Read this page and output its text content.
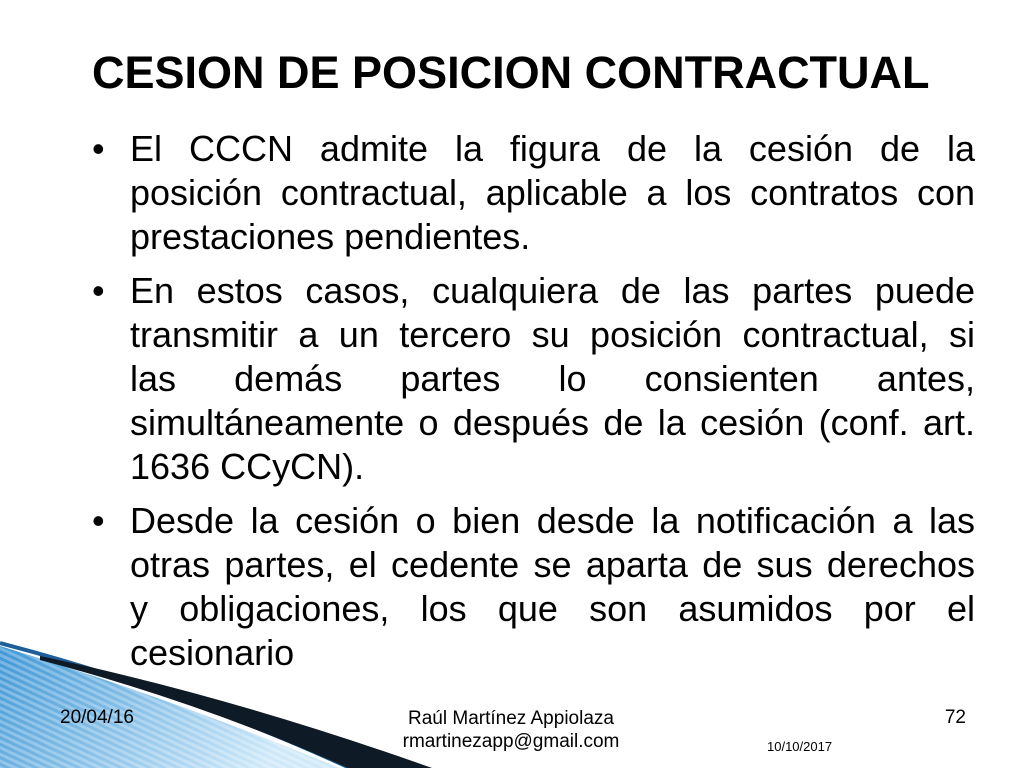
CESION DE POSICION CONTRACTUAL
• El CCCN admite la figura de la cesión de la
posición contractual, aplicable a los contratos con
prestaciones pendientes.
• En estos casos, cualquiera de las partes puede
transmitir a un tercero su posición contractual, si
las demás partes lo consienten antes,
simultáneamente o después de la cesión (conf. art.
1636 CCyCN).
• Desde la cesión o bien desde la notificación a las
otras partes, el cedente se aparta de sus derechos
y obligaciones, los que son asumidos por el
cesionario
20/04/16	Raúl Martínez Appiolaza
rmartinezapp@gmail.com
72
10/10/2017
